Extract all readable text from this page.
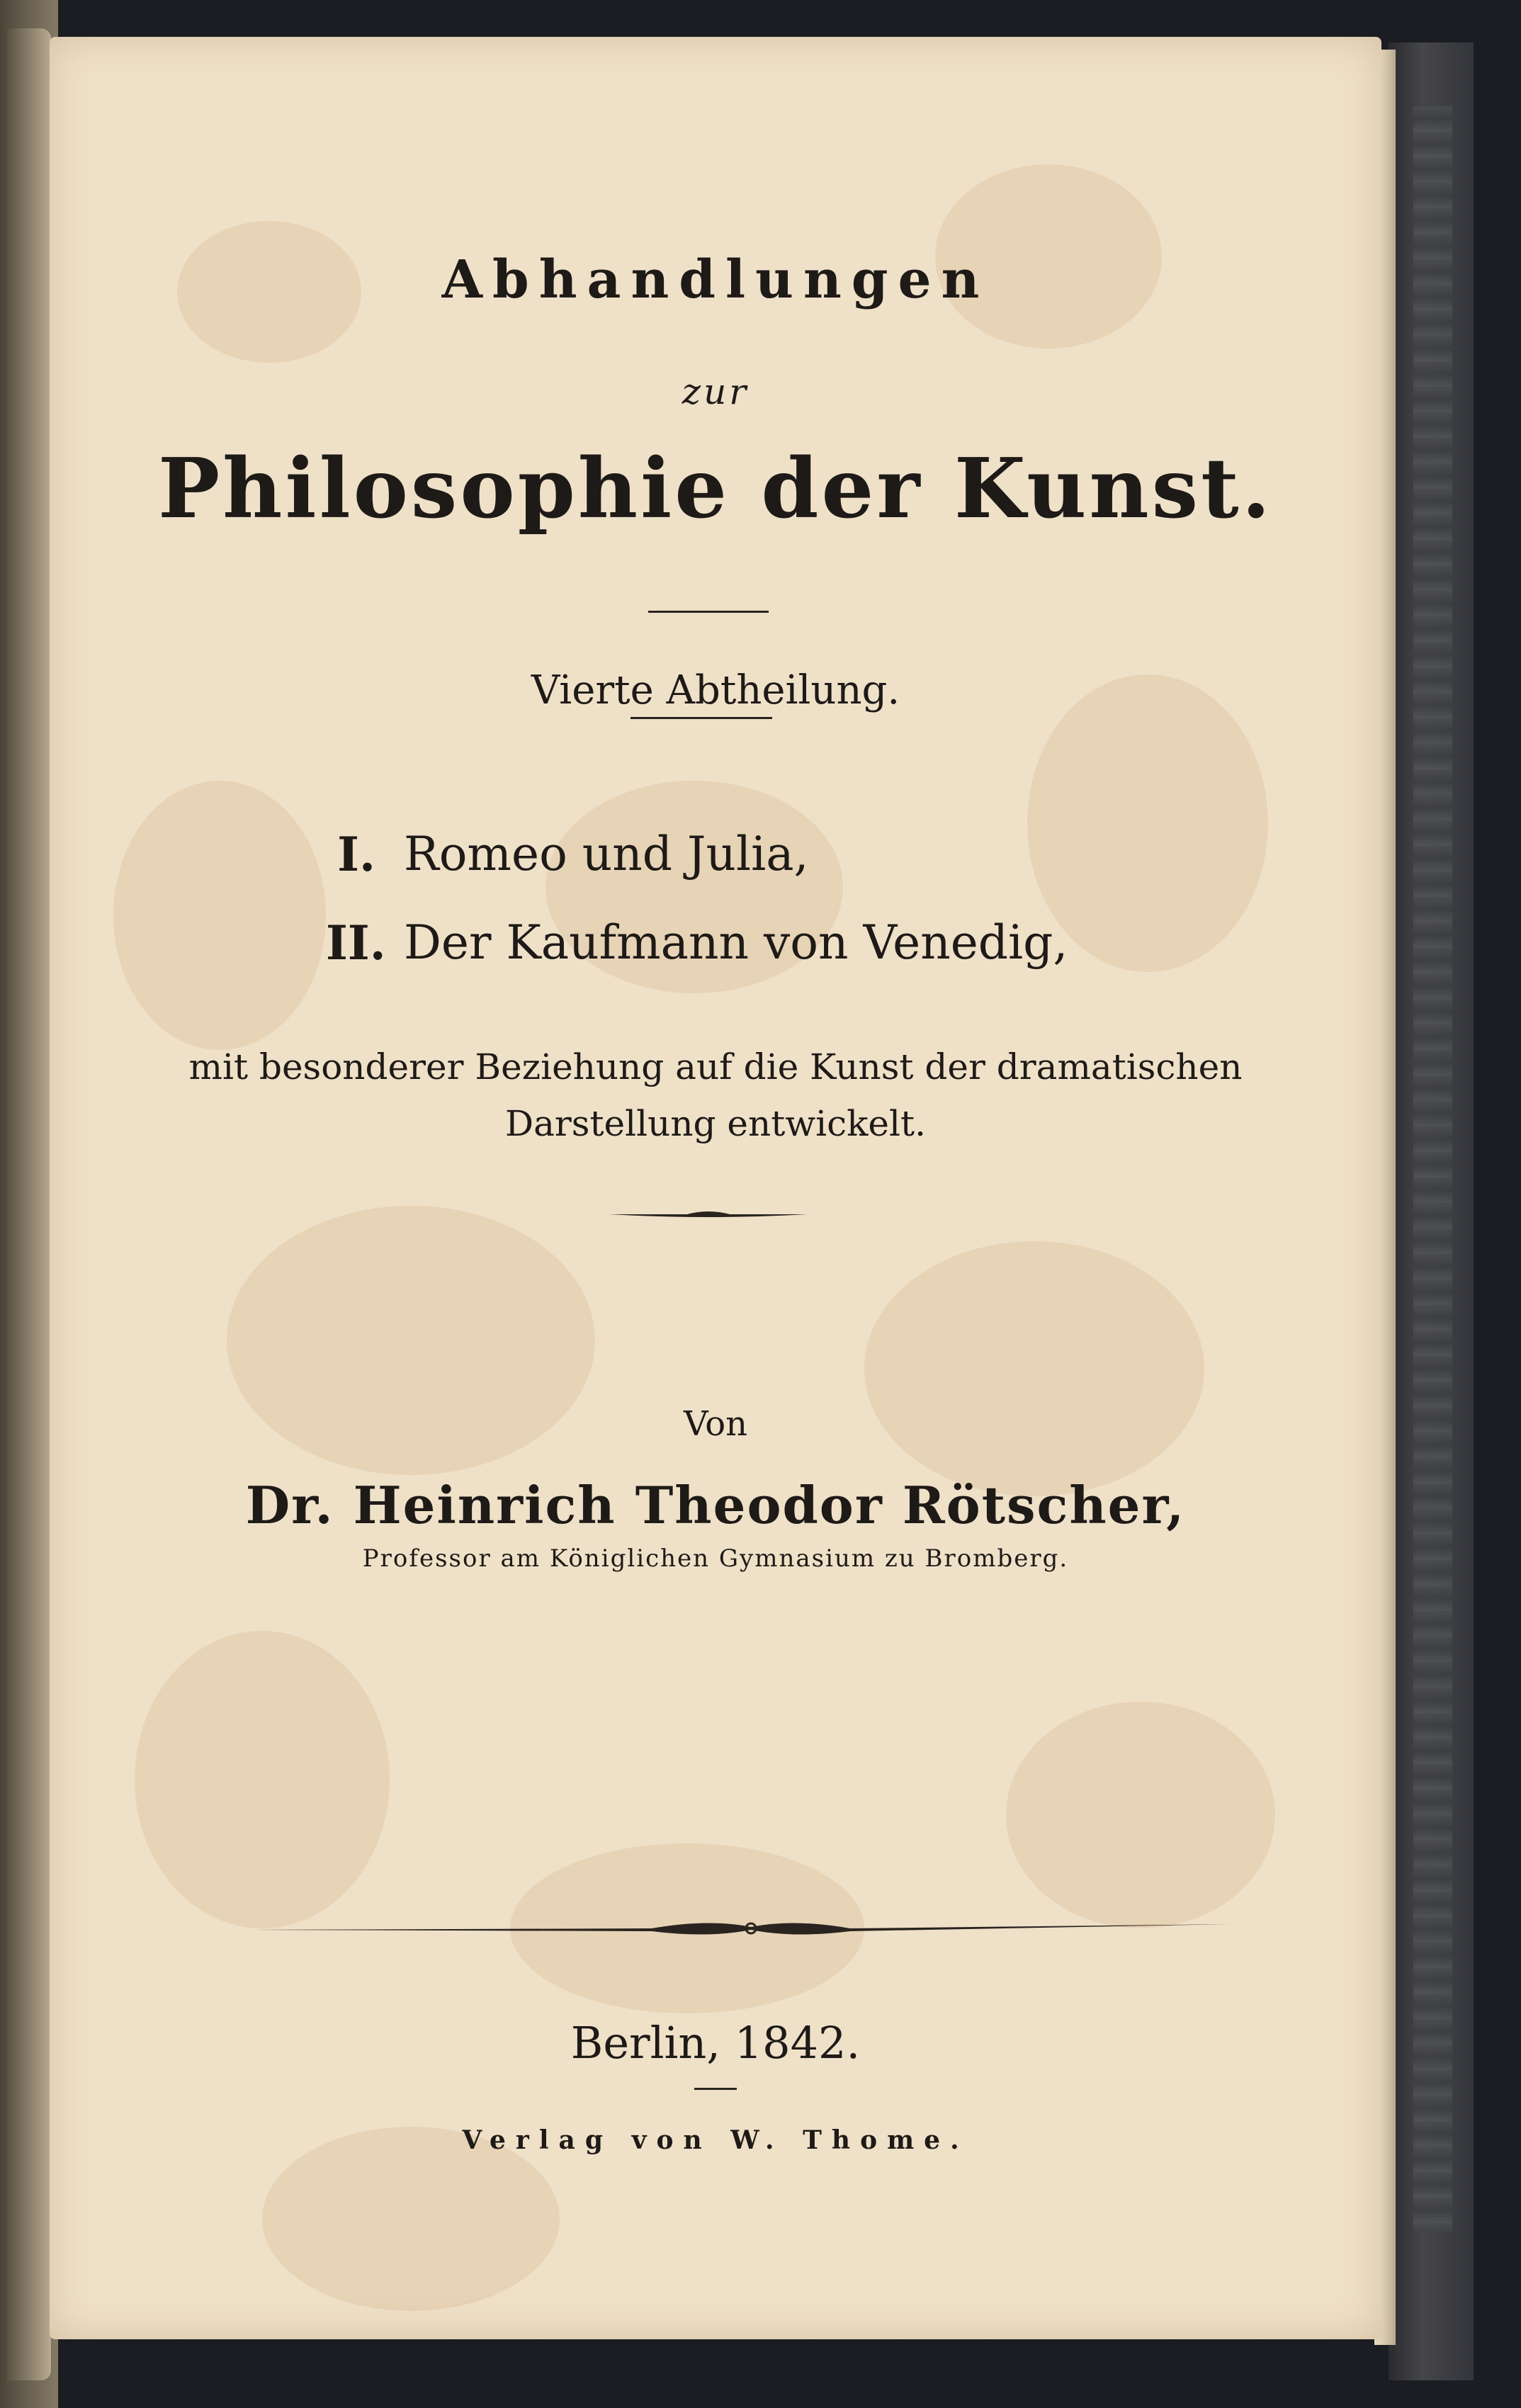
Abhandlungen
zur
Philosophie der Kunst.
Vierte Abtheilung.
I. Romeo und Julia,
II. Der Kaufmann von Venedig,
mit besonderer Beziehung auf die Kunst der dramatischen
Darstellung entwickelt.
Von
Dr. Heinrich Theodor Rötscher,
Professor am Königlichen Gymnasium zu Bromberg.
Berlin, 1842.
Verlag von W. Thome.
